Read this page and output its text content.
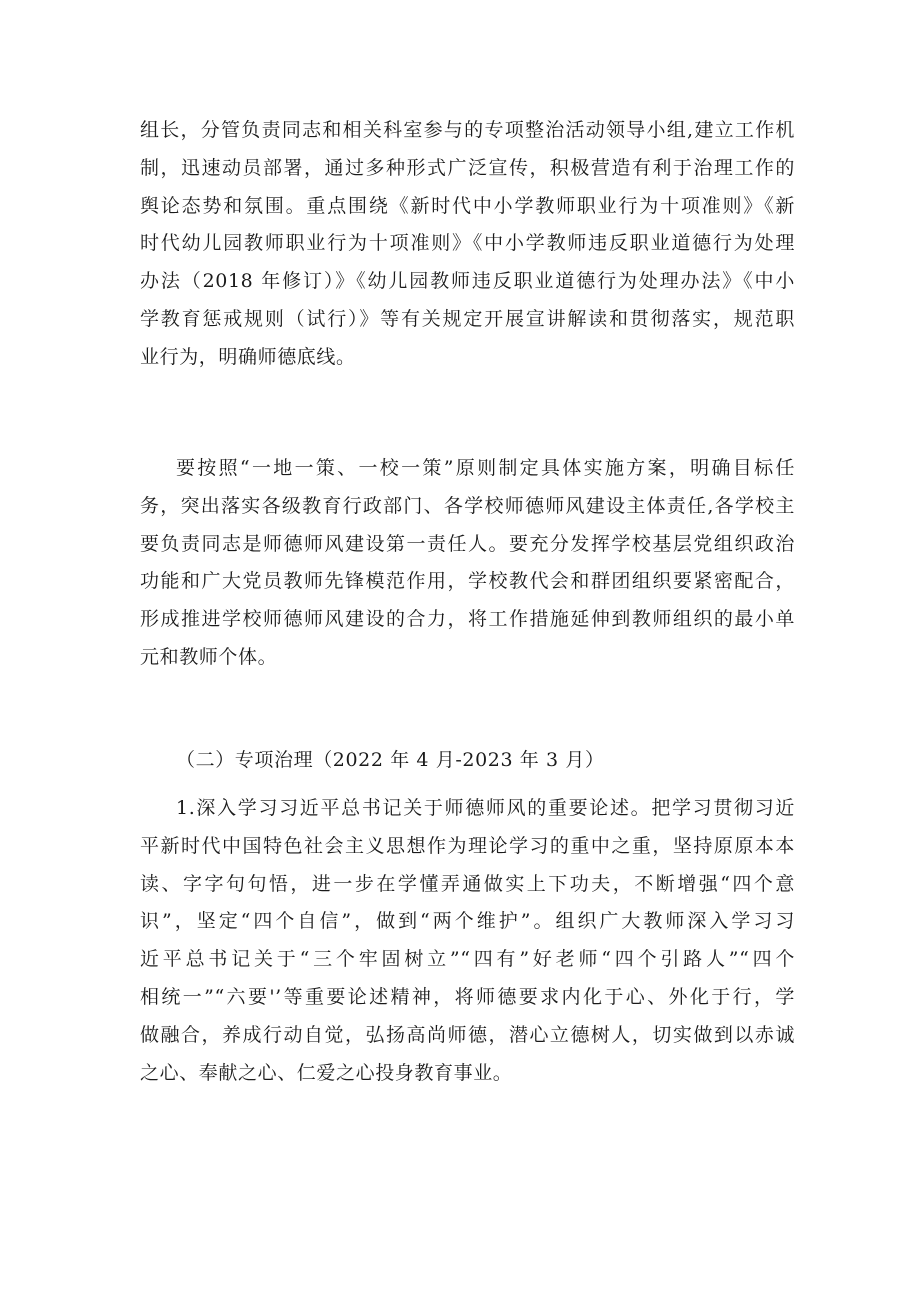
组长，分管负责同志和相关科室参与的专项整治活动领导小组,建立工作机
制，迅速动员部署，通过多种形式广泛宣传，积极营造有利于治理工作的
舆论态势和氛围。重点围绕《新时代中小学教师职业行为十项准则》《新
时代幼儿园教师职业行为十项准则》《中小学教师违反职业道德行为处理
办法（2018 年修订）》《幼儿园教师违反职业道德行为处理办法》《中小
学教育惩戒规则（试行）》等有关规定开展宣讲解读和贯彻落实，规范职
业行为，明确师德底线。

要按照“一地一策、一校一策”原则制定具体实施方案，明确目标任
务，突出落实各级教育行政部门、各学校师德师风建设主体责任,各学校主
要负责同志是师德师风建设第一责任人。要充分发挥学校基层党组织政治
功能和广大党员教师先锋模范作用，学校教代会和群团组织要紧密配合，
形成推进学校师德师风建设的合力，将工作措施延伸到教师组织的最小单
元和教师个体。

（二）专项治理（2022 年 4 月-2023 年 3 月）

1.深入学习习近平总书记关于师德师风的重要论述。把学习贯彻习近
平新时代中国特色社会主义思想作为理论学习的重中之重，坚持原原本本
读、字字句句悟，进一步在学懂弄通做实上下功夫，不断增强“四个意
识”，坚定“四个自信”，做到“两个维护”。组织广大教师深入学习习
近平总书记关于“三个牢固树立”“四有”好老师“四个引路人”“四个
相统一”“六要'’等重要论述精神，将师德要求内化于心、外化于行，学
做融合，养成行动自觉，弘扬高尚师德，潜心立德树人，切实做到以赤诚
之心、奉献之心、仁爱之心投身教育事业。
